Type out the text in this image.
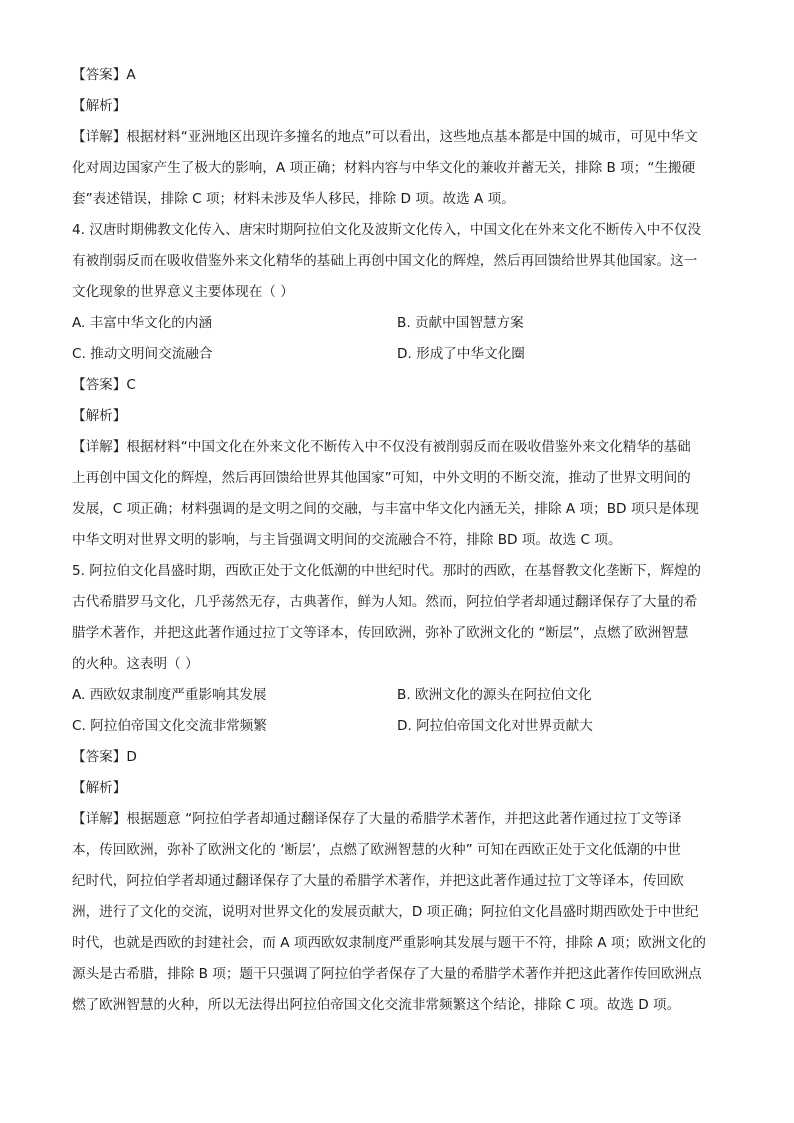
【答案】A
【解析】
【详解】根据材料“亚洲地区出现许多撞名的地点”可以看出，这些地点基本都是中国的城市，可见中华文
化对周边国家产生了极大的影响，A 项正确；材料内容与中华文化的兼收并蓄无关，排除 B 项；“生搬硬
套”表述错误，排除 C 项；材料未涉及华人移民，排除 D 项。故选 A 项。
4. 汉唐时期佛教文化传入、唐宋时期阿拉伯文化及波斯文化传入，中国文化在外来文化不断传入中不仅没
有被削弱反而在吸收借鉴外来文化精华的基础上再创中国文化的辉煌，然后再回馈给世界其他国家。这一
文化现象的世界意义主要体现在（ ）
A. 丰富中华文化的内涵	B. 贡献中国智慧方案
C. 推动文明间交流融合	D. 形成了中华文化圈
【答案】C
【解析】
【详解】根据材料“中国文化在外来文化不断传入中不仅没有被削弱反而在吸收借鉴外来文化精华的基础
上再创中国文化的辉煌，然后再回馈给世界其他国家”可知，中外文明的不断交流，推动了世界文明间的
发展，C 项正确；材料强调的是文明之间的交融，与丰富中华文化内涵无关，排除 A 项；BD 项只是体现
中华文明对世界文明的影响，与主旨强调文明间的交流融合不符，排除 BD 项。故选 C 项。
5. 阿拉伯文化昌盛时期，西欧正处于文化低潮的中世纪时代。那时的西欧，在基督教文化垄断下，辉煌的
古代希腊罗马文化，几乎荡然无存，古典著作，鲜为人知。然而，阿拉伯学者却通过翻译保存了大量的希
腊学术著作，并把这此著作通过拉丁文等译本，传回欧洲，弥补了欧洲文化的 “断层”，点燃了欧洲智慧
的火种。这表明（ ）
A. 西欧奴隶制度严重影响其发展	B. 欧洲文化的源头在阿拉伯文化
C. 阿拉伯帝国文化交流非常频繁	D. 阿拉伯帝国文化对世界贡献大
【答案】D
【解析】
【详解】根据题意 “阿拉伯学者却通过翻译保存了大量的希腊学术著作，并把这此著作通过拉丁文等译
本，传回欧洲，弥补了欧洲文化的 ‘断层’，点燃了欧洲智慧的火种” 可知在西欧正处于文化低潮的中世
纪时代，阿拉伯学者却通过翻译保存了大量的希腊学术著作，并把这此著作通过拉丁文等译本，传回欧
洲，进行了文化的交流，说明对世界文化的发展贡献大，D 项正确；阿拉伯文化昌盛时期西欧处于中世纪
时代，也就是西欧的封建社会，而 A 项西欧奴隶制度严重影响其发展与题干不符，排除 A 项；欧洲文化的
源头是古希腊，排除 B 项；题干只强调了阿拉伯学者保存了大量的希腊学术著作并把这此著作传回欧洲点
燃了欧洲智慧的火种，所以无法得出阿拉伯帝国文化交流非常频繁这个结论，排除 C 项。故选 D 项。
